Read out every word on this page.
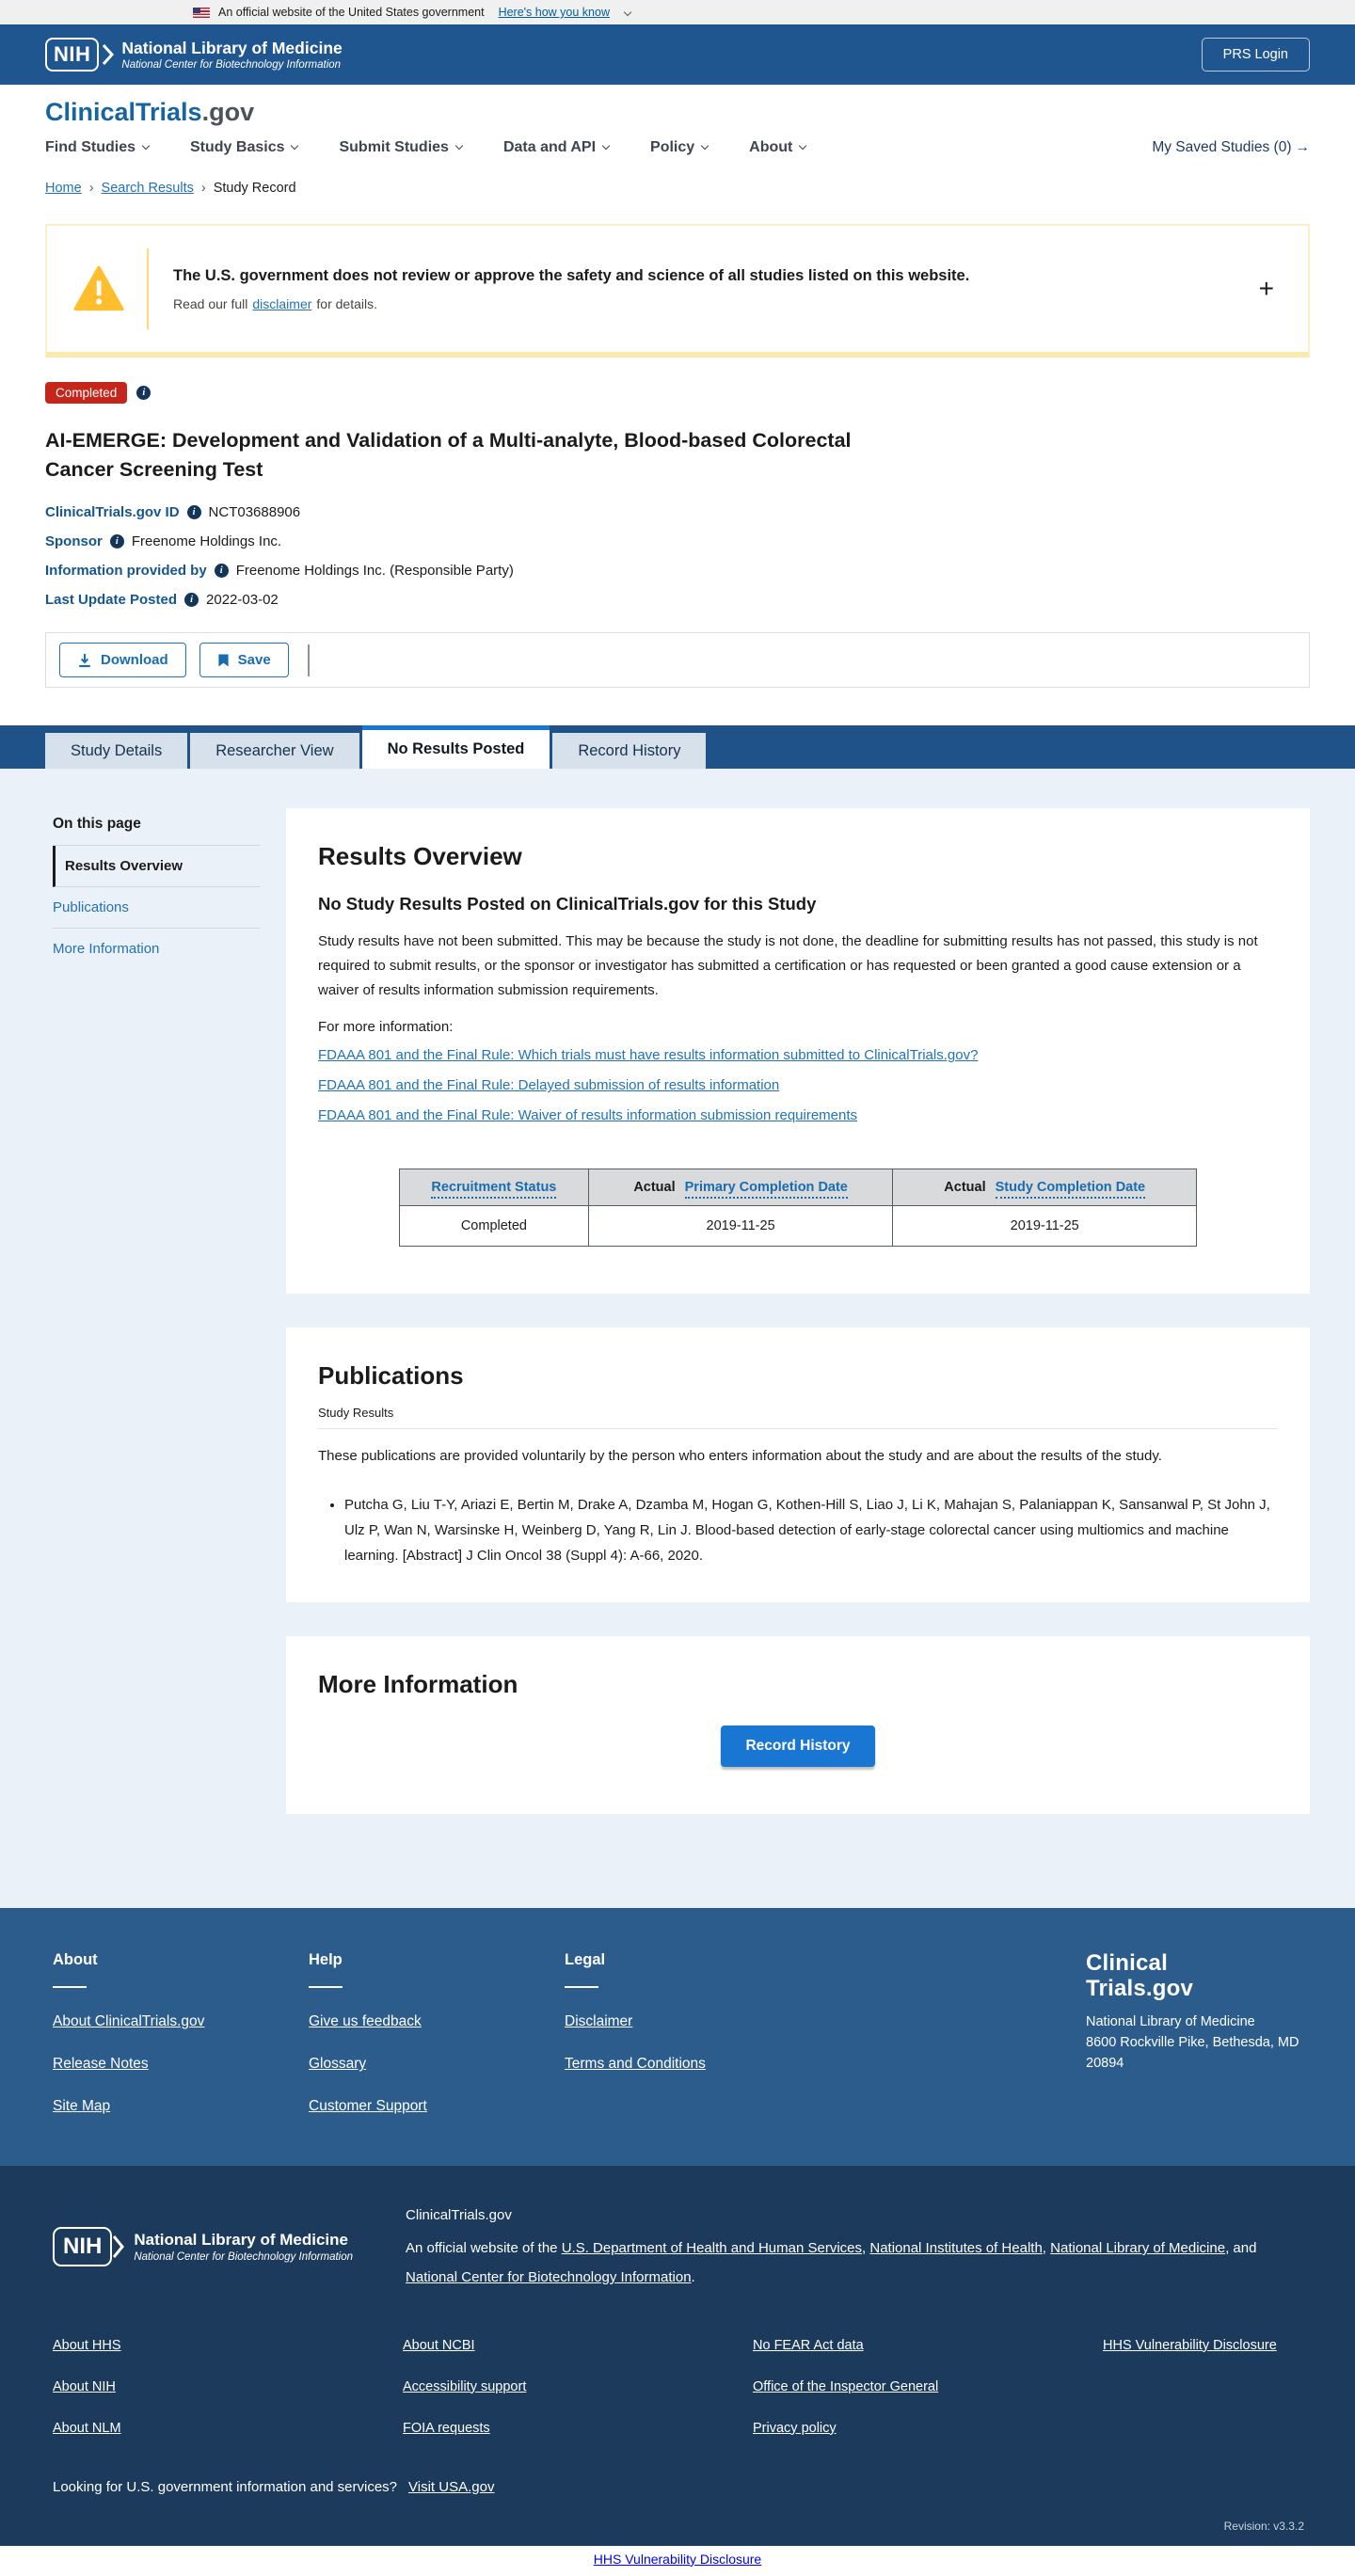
An official website of the United States government Here's how you know
NIH	National Library of Medicine
National Center for Biotechnology Information
PRS Login
ClinicalTrials.gov
Find Studies	Study Basics	Submit Studies	Data and API	Policy	About	My Saved Studies (0) →
Home › Search Results › Study Record
The U.S. government does not review or approve the safety and science of all studies listed on this website.
Read our full disclaimer for details.
+
Completed
i
AI-EMERGE: Development and Validation of a Multi-analyte, Blood-based Colorectal Cancer Screening Test
ClinicalTrials.gov ID i NCT03688906
Sponsor i Freenome Holdings Inc.
Information provided by i Freenome Holdings Inc. (Responsible Party)
Last Update Posted i 2022-03-02
Download	Save
Study Details	Researcher View	No Results Posted	Record History
On this page
Results Overview
Publications
More Information
Results Overview
No Study Results Posted on ClinicalTrials.gov for this Study

Study results have not been submitted. This may be because the study is not done, the deadline for submitting results has not passed, this study is not required to submit results, or the sponsor or investigator has submitted a certification or has requested or been granted a good cause extension or a waiver of results information submission requirements.

For more information:
FDAAA 801 and the Final Rule: Which trials must have results information submitted to ClinicalTrials.gov?
FDAAA 801 and the Final Rule: Delayed submission of results information
FDAAA 801 and the Final Rule: Waiver of results information submission requirements
Recruitment Status	Actual Primary Completion Date	Actual Study Completion Date
Completed	2019-11-25	2019-11-25
Publications
Study Results

These publications are provided voluntarily by the person who enters information about the study and are about the results of the study.

• Putcha G, Liu T-Y, Ariazi E, Bertin M, Drake A, Dzamba M, Hogan G, Kothen-Hill S, Liao J, Li K, Mahajan S, Palaniappan K, Sansanwal P, St John J, Ulz P, Wan N, Warsinske H, Weinberg D, Yang R, Lin J. Blood-based detection of early-stage colorectal cancer using multiomics and machine learning. [Abstract] J Clin Oncol 38 (Suppl 4): A-66, 2020.
More Information
Record History
About
About ClinicalTrials.gov
Release Notes
Site Map
Help
Give us feedback
Glossary
Customer Support
Legal
Disclaimer
Terms and Conditions
Clinical
Trials.gov
National Library of Medicine
8600 Rockville Pike, Bethesda, MD
20894
NIH	National Library of Medicine
National Center for Biotechnology Information
ClinicalTrials.gov
An official website of the U.S. Department of Health and Human Services, National Institutes of Health, National Library of Medicine, and National Center for Biotechnology Information.
About HHS
About NIH
About NLM
About NCBI
Accessibility support
FOIA requests
No FEAR Act data
Office of the Inspector General
Privacy policy
HHS Vulnerability Disclosure
Looking for U.S. government information and services? Visit USA.gov
Revision: v3.3.2
HHS Vulnerability Disclosure
